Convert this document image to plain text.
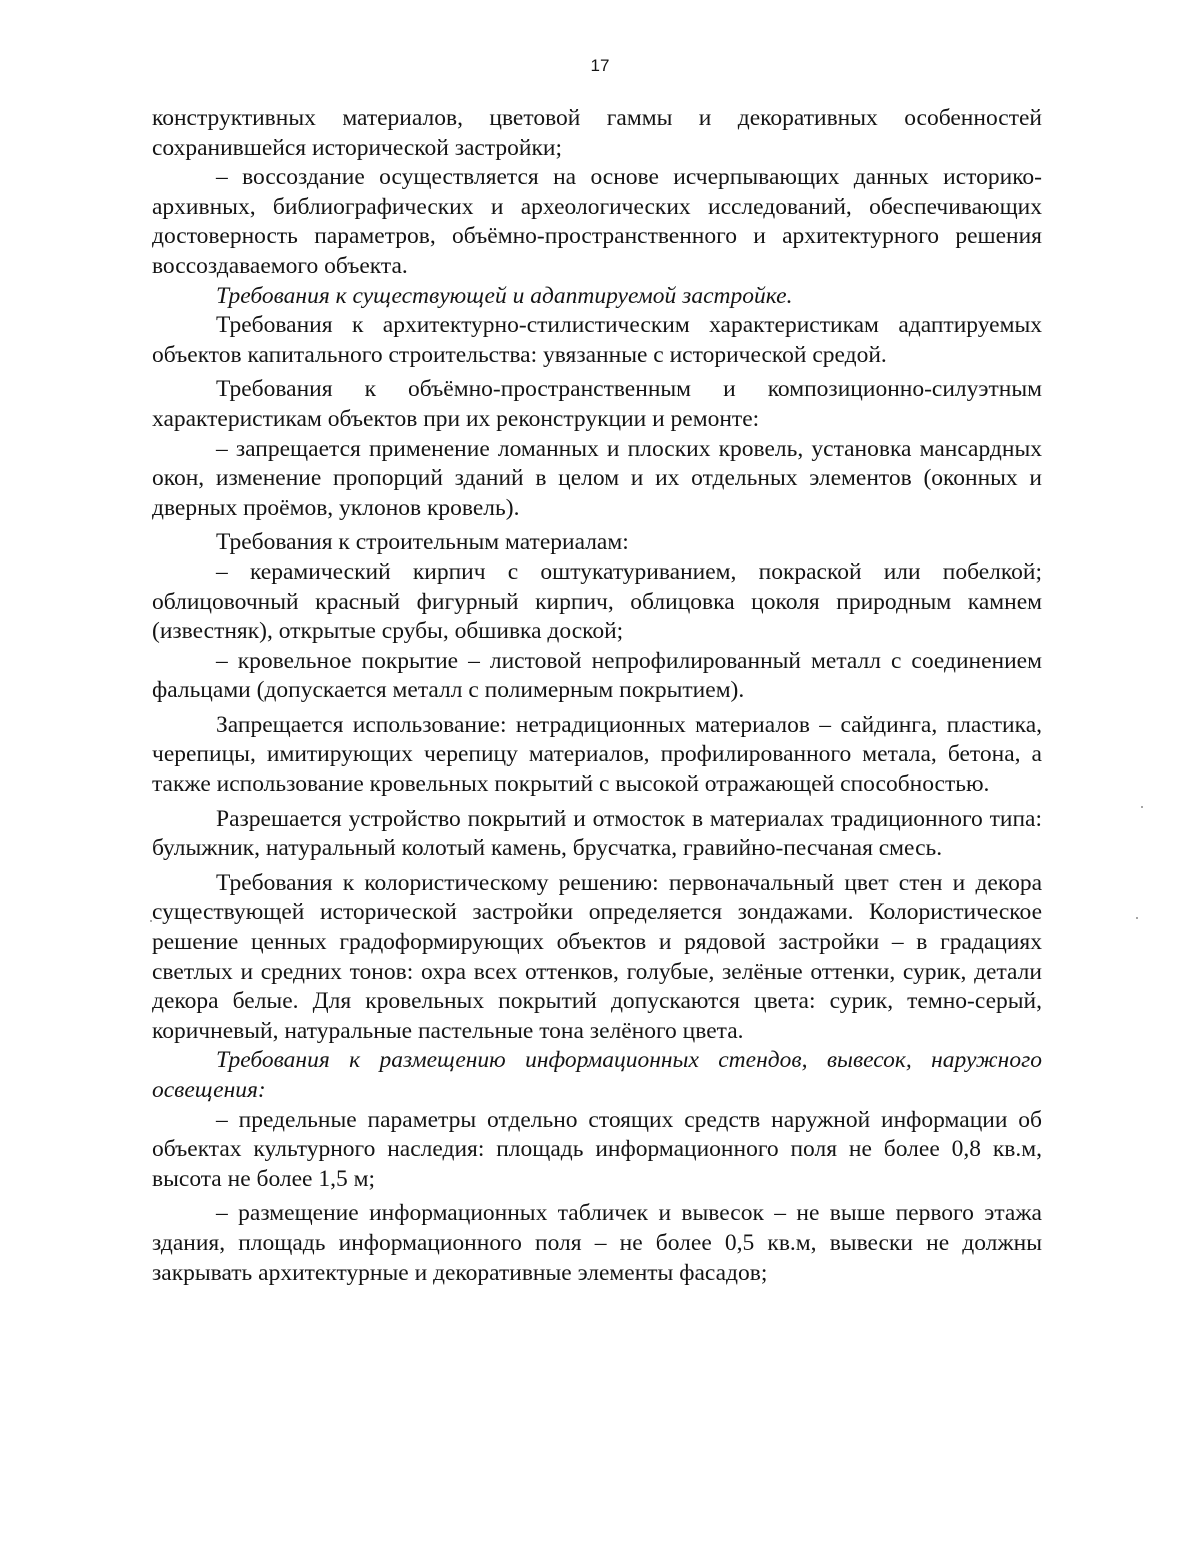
17

конструктивных материалов, цветовой гаммы и декоративных особенностей сохранившейся исторической застройки;

– воссоздание осуществляется на основе исчерпывающих данных историко-архивных, библиографических и археологических исследований, обеспечивающих достоверность параметров, объёмно-пространственного и архитектурного решения воссоздаваемого объекта.

Требования к существующей и адаптируемой застройке.

Требования к архитектурно-стилистическим характеристикам адаптируемых объектов капитального строительства: увязанные с исторической средой.

Требования к объёмно-пространственным и композиционно-силуэтным характеристикам объектов при их реконструкции и ремонте:

– запрещается применение ломанных и плоских кровель, установка мансардных окон, изменение пропорций зданий в целом и их отдельных элементов (оконных и дверных проёмов, уклонов кровель).

Требования к строительным материалам:

– керамический кирпич с оштукатуриванием, покраской или побелкой; облицовочный красный фигурный кирпич, облицовка цоколя природным камнем (известняк), открытые срубы, обшивка доской;

– кровельное покрытие – листовой непрофилированный металл с соединением фальцами (допускается металл с полимерным покрытием).

Запрещается использование: нетрадиционных материалов – сайдинга, пластика, черепицы, имитирующих черепицу материалов, профилированного метала, бетона, а также использование кровельных покрытий с высокой отражающей способностью.

Разрешается устройство покрытий и отмосток в материалах традиционного типа: булыжник, натуральный колотый камень, брусчатка, гравийно-песчаная смесь.

Требования к колористическому решению: первоначальный цвет стен и декора существующей исторической застройки определяется зондажами. Колористическое решение ценных градоформирующих объектов и рядовой застройки – в градациях светлых и средних тонов: охра всех оттенков, голубые, зелёные оттенки, сурик, детали декора белые. Для кровельных покрытий допускаются цвета: сурик, темно-серый, коричневый, натуральные пастельные тона зелёного цвета.

Требования к размещению информационных стендов, вывесок, наружного освещения:

– предельные параметры отдельно стоящих средств наружной информации об объектах культурного наследия: площадь информационного поля не более 0,8 кв.м, высота не более 1,5 м;

– размещение информационных табличек и вывесок – не выше первого этажа здания, площадь информационного поля – не более 0,5 кв.м, вывески не должны закрывать архитектурные и декоративные элементы фасадов;
